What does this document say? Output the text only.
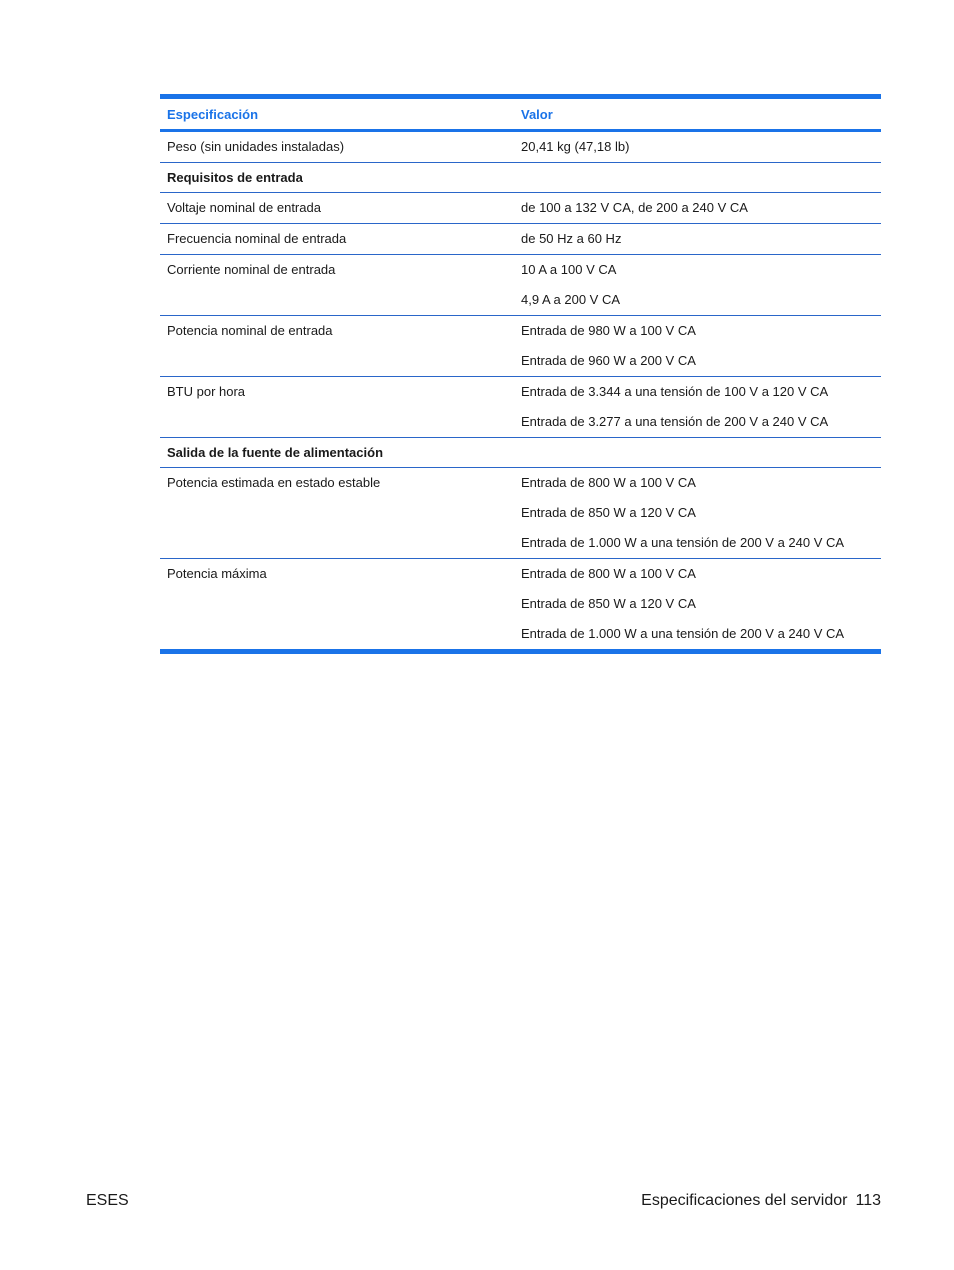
Especificación	Valor
Peso (sin unidades instaladas)	20,41 kg (47,18 lb)
Requisitos de entrada
Voltaje nominal de entrada	de 100 a 132 V CA, de 200 a 240 V CA
Frecuencia nominal de entrada	de 50 Hz a 60 Hz
Corriente nominal de entrada	10 A a 100 V CA
4,9 A a 200 V CA
Potencia nominal de entrada	Entrada de 980 W a 100 V CA
Entrada de 960 W a 200 V CA
BTU por hora	Entrada de 3.344 a una tensión de 100 V a 120 V CA
Entrada de 3.277 a una tensión de 200 V a 240 V CA
Salida de la fuente de alimentación
Potencia estimada en estado estable	Entrada de 800 W a 100 V CA
Entrada de 850 W a 120 V CA
Entrada de 1.000 W a una tensión de 200 V a 240 V CA
Potencia máxima	Entrada de 800 W a 100 V CA
Entrada de 850 W a 120 V CA
Entrada de 1.000 W a una tensión de 200 V a 240 V CA
ESES	Especificaciones del servidor 113
